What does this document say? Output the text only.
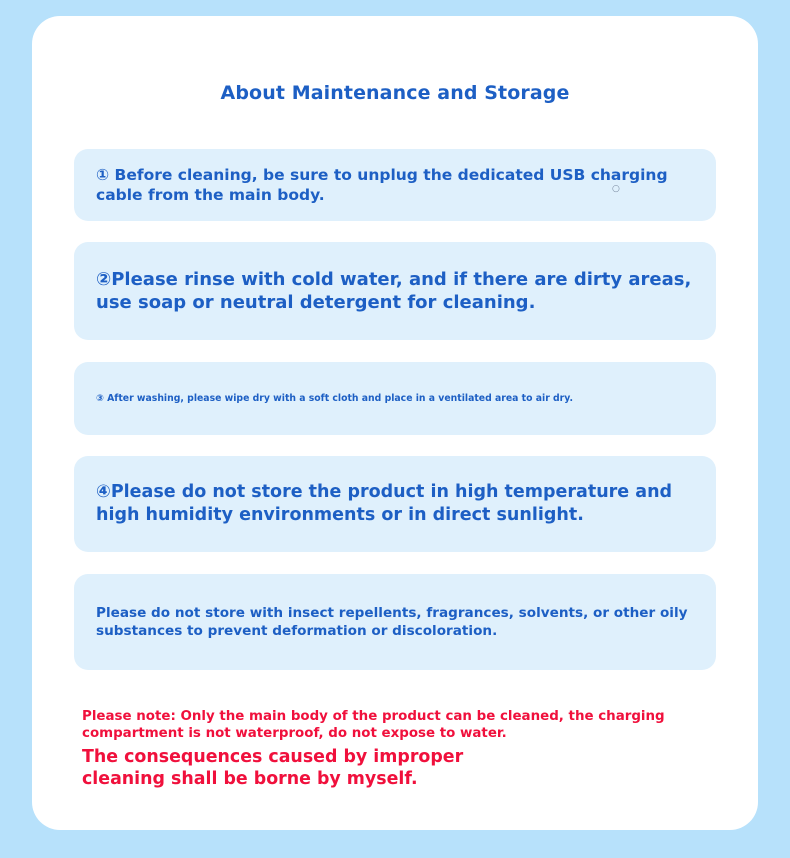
About Maintenance and Storage

① Before cleaning, be sure to unplug the dedicated USB charging cable from the main body.	○

②Please rinse with cold water, and if there are dirty areas, use soap or neutral detergent for cleaning.

③ After washing, please wipe dry with a soft cloth and place in a ventilated area to air dry.

④Please do not store the product in high temperature and high humidity environments or in direct sunlight.

Please do not store with insect repellents, fragrances, solvents, or other oily substances to prevent deformation or discoloration.

Please note: Only the main body of the product can be cleaned, the charging compartment is not waterproof, do not expose to water.

The consequences caused by improper cleaning shall be borne by myself.
